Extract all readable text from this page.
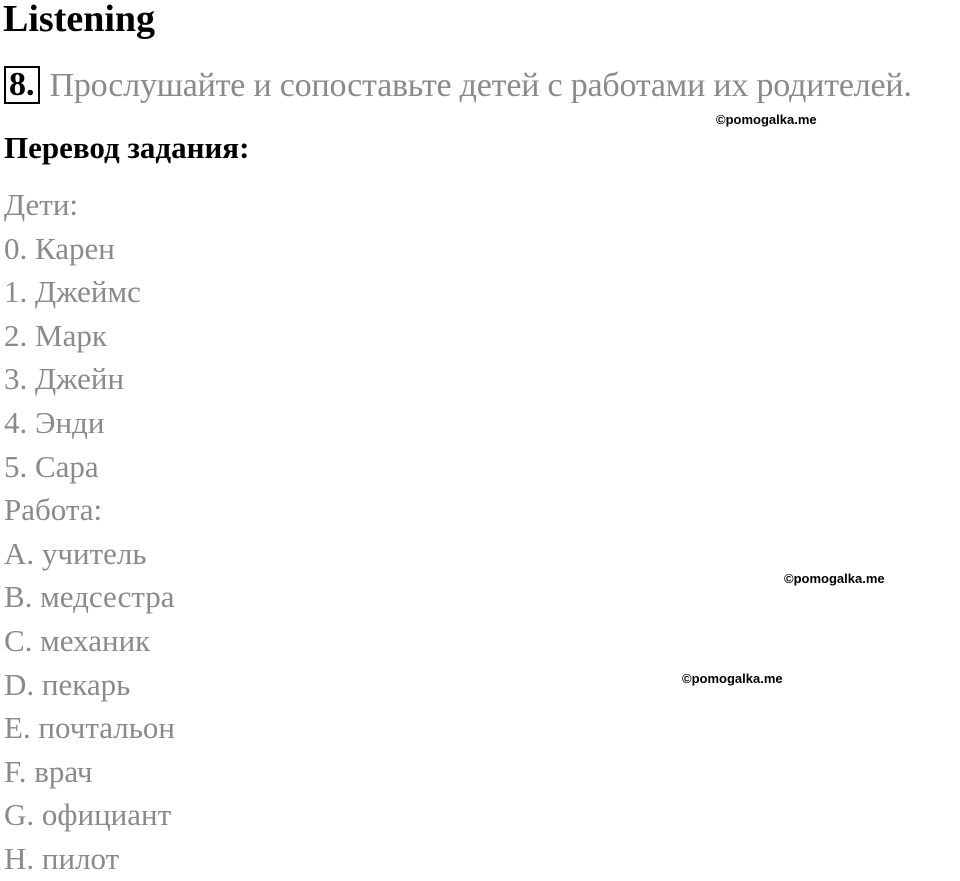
Listening
8. Прослушайте и сопоставьте детей с работами их родителей.
©pomogalka.me
Перевод задания:
Дети:
0. Карен
1. Джеймс
2. Марк
3. Джейн
4. Энди
5. Сара
Работа:
A. учитель
B. медсестра
C. механик
D. пекарь
E. почтальон
F. врач
G. официант
H. пилот
©pomogalka.me
©pomogalka.me
